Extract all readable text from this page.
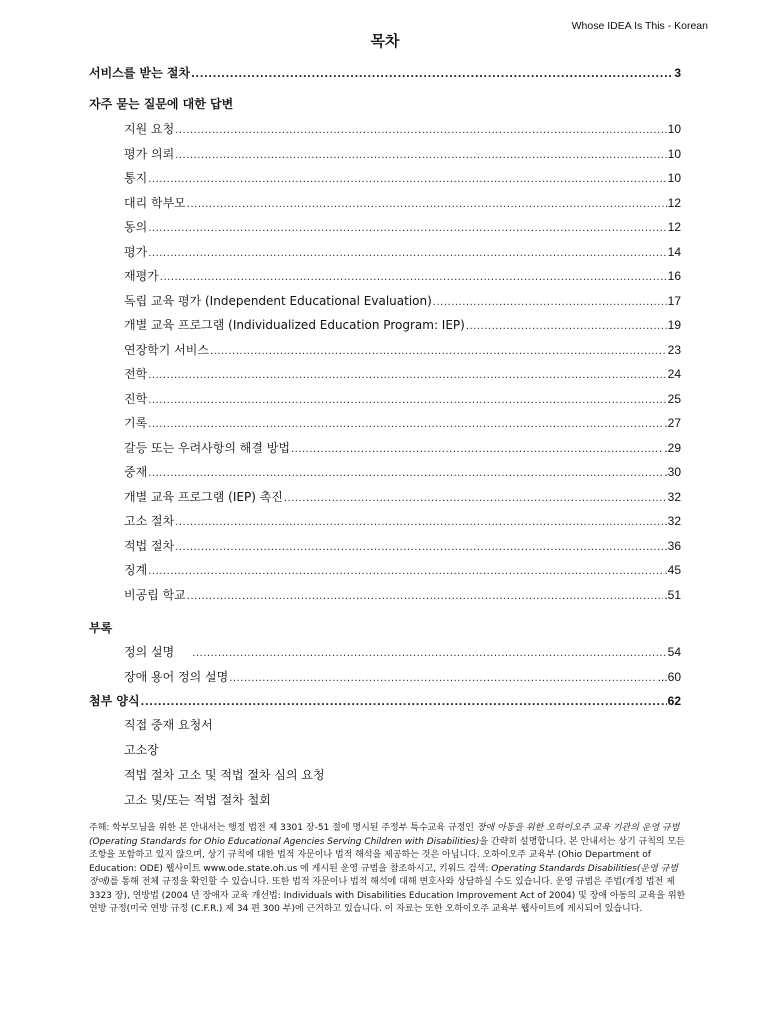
Whose IDEA Is This - Korean
목차
서비스를 받는 절차 .....	3
자주 묻는 질문에 대한 답변
지원 요청 .....	10
평가 의뢰 .....	10
통지 .....	10
대리 학부모 .....	12
동의 .....	12
평가 .....	14
재평가 .....	16
독립 교육 평가 (Independent Educational Evaluation) .....	17
개별 교육 프로그램 (Individualized Education Program: IEP) .....	19
연장학기 서비스 .....	23
전학 .....	24
진학 .....	25
기록 .....	.27
갈등 또는 우려사항의 해결 방법 .....	.29
중재 .....	.30
개별 교육 프로그램 (IEP) 촉진 .....	32
고소 절차 .....	.32
적법 절차 .....	.36
징계 .....	.45
비공립 학교 .....	.51
부록
정의 설명 .....	54
장애 용어 정의 설명 .....	...60
첨부 양식 .....	62
직접 중재 요청서
고소장
적법 절차 고소 및 적법 절차 심의 요청
고소 및/또는 적법 절차 철회
주해: 학부모님을 위한 본 안내서는 행정 법전 제 3301 장-51 절에 명시된 주정부 특수교육 규정인 장애 아동을 위한 오하이오주 교육 기관의 운영 규범 (Operating Standards for Ohio Educational Agencies Serving Children with Disabilities)을 간략히 설명합니다. 본 안내서는 상기 규칙의 모든 조항을 포함하고 있지 않으며, 상기 규칙에 대한 법적 자문이나 법적 해석을 제공하는 것은 아닙니다. 오하이오주 교육부 (Ohio Department of Education: ODE) 웹사이트 www.ode.state.oh.us 에 게시된 운영 규범을 참조하시고, 키워드 검색: Operating Standards Disabilities(운영 규범 장애)를 통해 전체 규정을 확인할 수 있습니다. 또한 법적 자문이나 법적 해석에 대해 변호사와 상담하실 수도 있습니다. 운영 규범은 주법(개정 법전 제 3323 장), 연방법 (2004 년 장애자 교육 개선법: Individuals with Disabilities Education Improvement Act of 2004) 및 장애 아동의 교육을 위한 연방 규정(미국 연방 규정 (C.F.R.) 제 34 편 300 부)에 근거하고 있습니다. 이 자료는 또한 오하이오주 교육부 웹사이트에 게시되어 있습니다.
